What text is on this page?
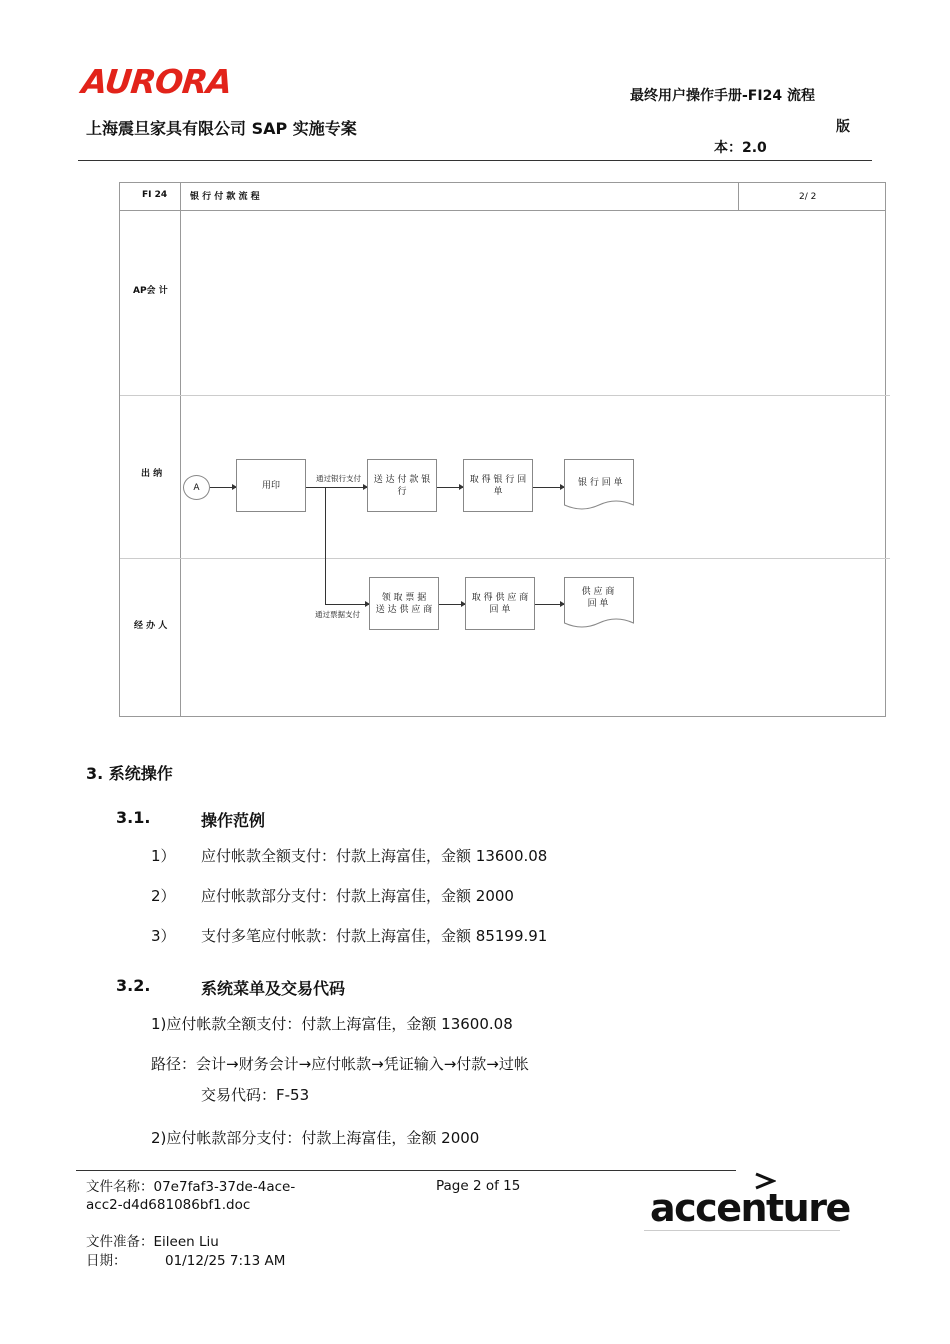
AURORA
上海震旦家具有限公司 SAP 实施专案
最终用户操作手册-FI24 流程
版
本：2.0
FI 24	银 行 付 款 流 程	2/ 2
AP会 计
出 纳
经 办 人
A	用印
通过银行支付	送 达 付 款 银 行
取 得 银 行 回 单
银 行 回 单
通过票据支付
领 取 票 据
送 达 供 应 商
取 得 供 应 商
回 单
供 应 商
回 单
3. 系统操作
3.1.	操作范例
1） 应付帐款全额支付：付款上海富佳，金额 13600.08
2） 应付帐款部分支付：付款上海富佳，金额 2000
3） 支付多笔应付帐款：付款上海富佳，金额 85199.91
3.2.	系统菜单及交易代码
1)应付帐款全额支付：付款上海富佳，金额 13600.08
路径：会计→财务会计→应付帐款→凭证输入→付款→过帐
交易代码：F-53
2)应付帐款部分支付：付款上海富佳，金额 2000
文件名称：07e7faf3-37de-4ace-
acc2-d4d681086bf1.doc
Page 2 of 15
文件准备：Eileen Liu
日期：	01/12/25 7:13 AM
accenture
